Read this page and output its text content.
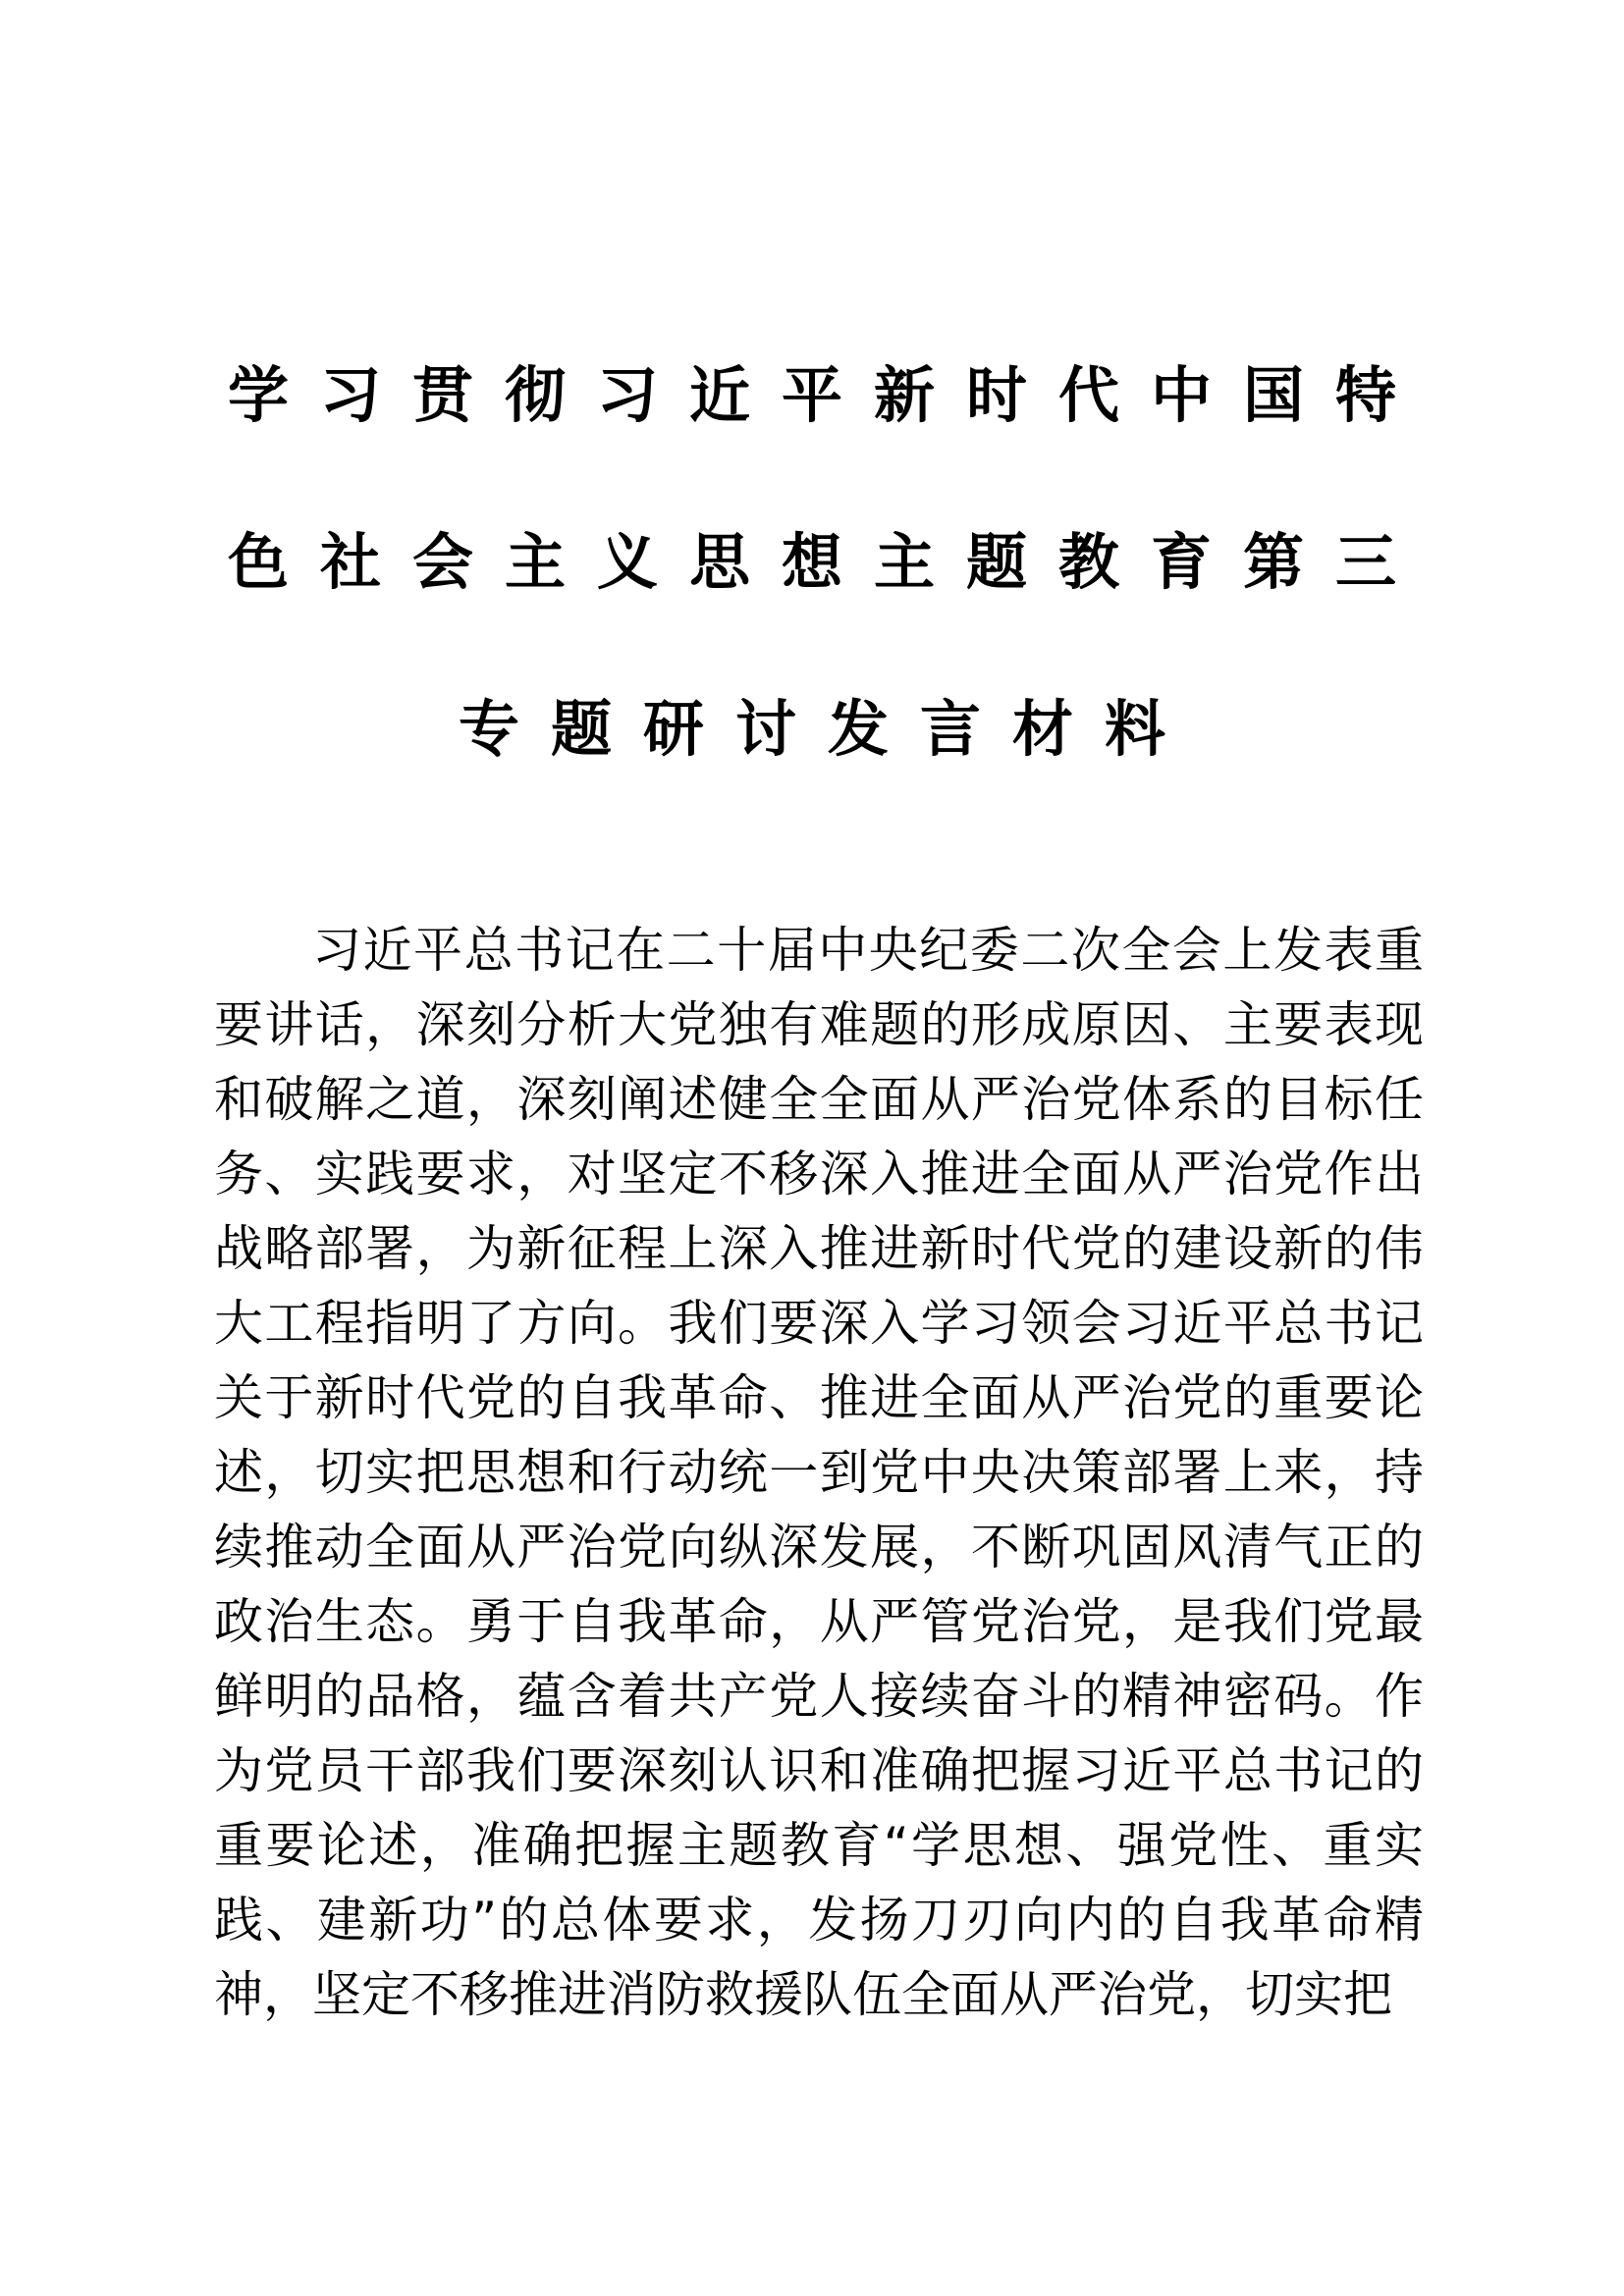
学习贯彻习近平新时代中国特
色社会主义思想主题教育第三
专题研讨发言材料

习近平总书记在二十届中央纪委二次全会上发表重要讲话，深刻分析大党独有难题的形成原因、主要表现和破解之道，深刻阐述健全全面从严治党体系的目标任务、实践要求，对坚定不移深入推进全面从严治党作出战略部署，为新征程上深入推进新时代党的建设新的伟大工程指明了方向。我们要深入学习领会习近平总书记关于新时代党的自我革命、推进全面从严治党的重要论述，切实把思想和行动统一到党中央决策部署上来，持续推动全面从严治党向纵深发展，不断巩固风清气正的政治生态。勇于自我革命，从严管党治党，是我们党最鲜明的品格，蕴含着共产党人接续奋斗的精神密码。作为党员干部我们要深刻认识和准确把握习近平总书记的重要论述，准确把握主题教育“学思想、强党性、重实践、建新功”的总体要求，发扬刀刃向内的自我革命精神，坚定不移推进消防救援队伍全面从严治党，切实把
